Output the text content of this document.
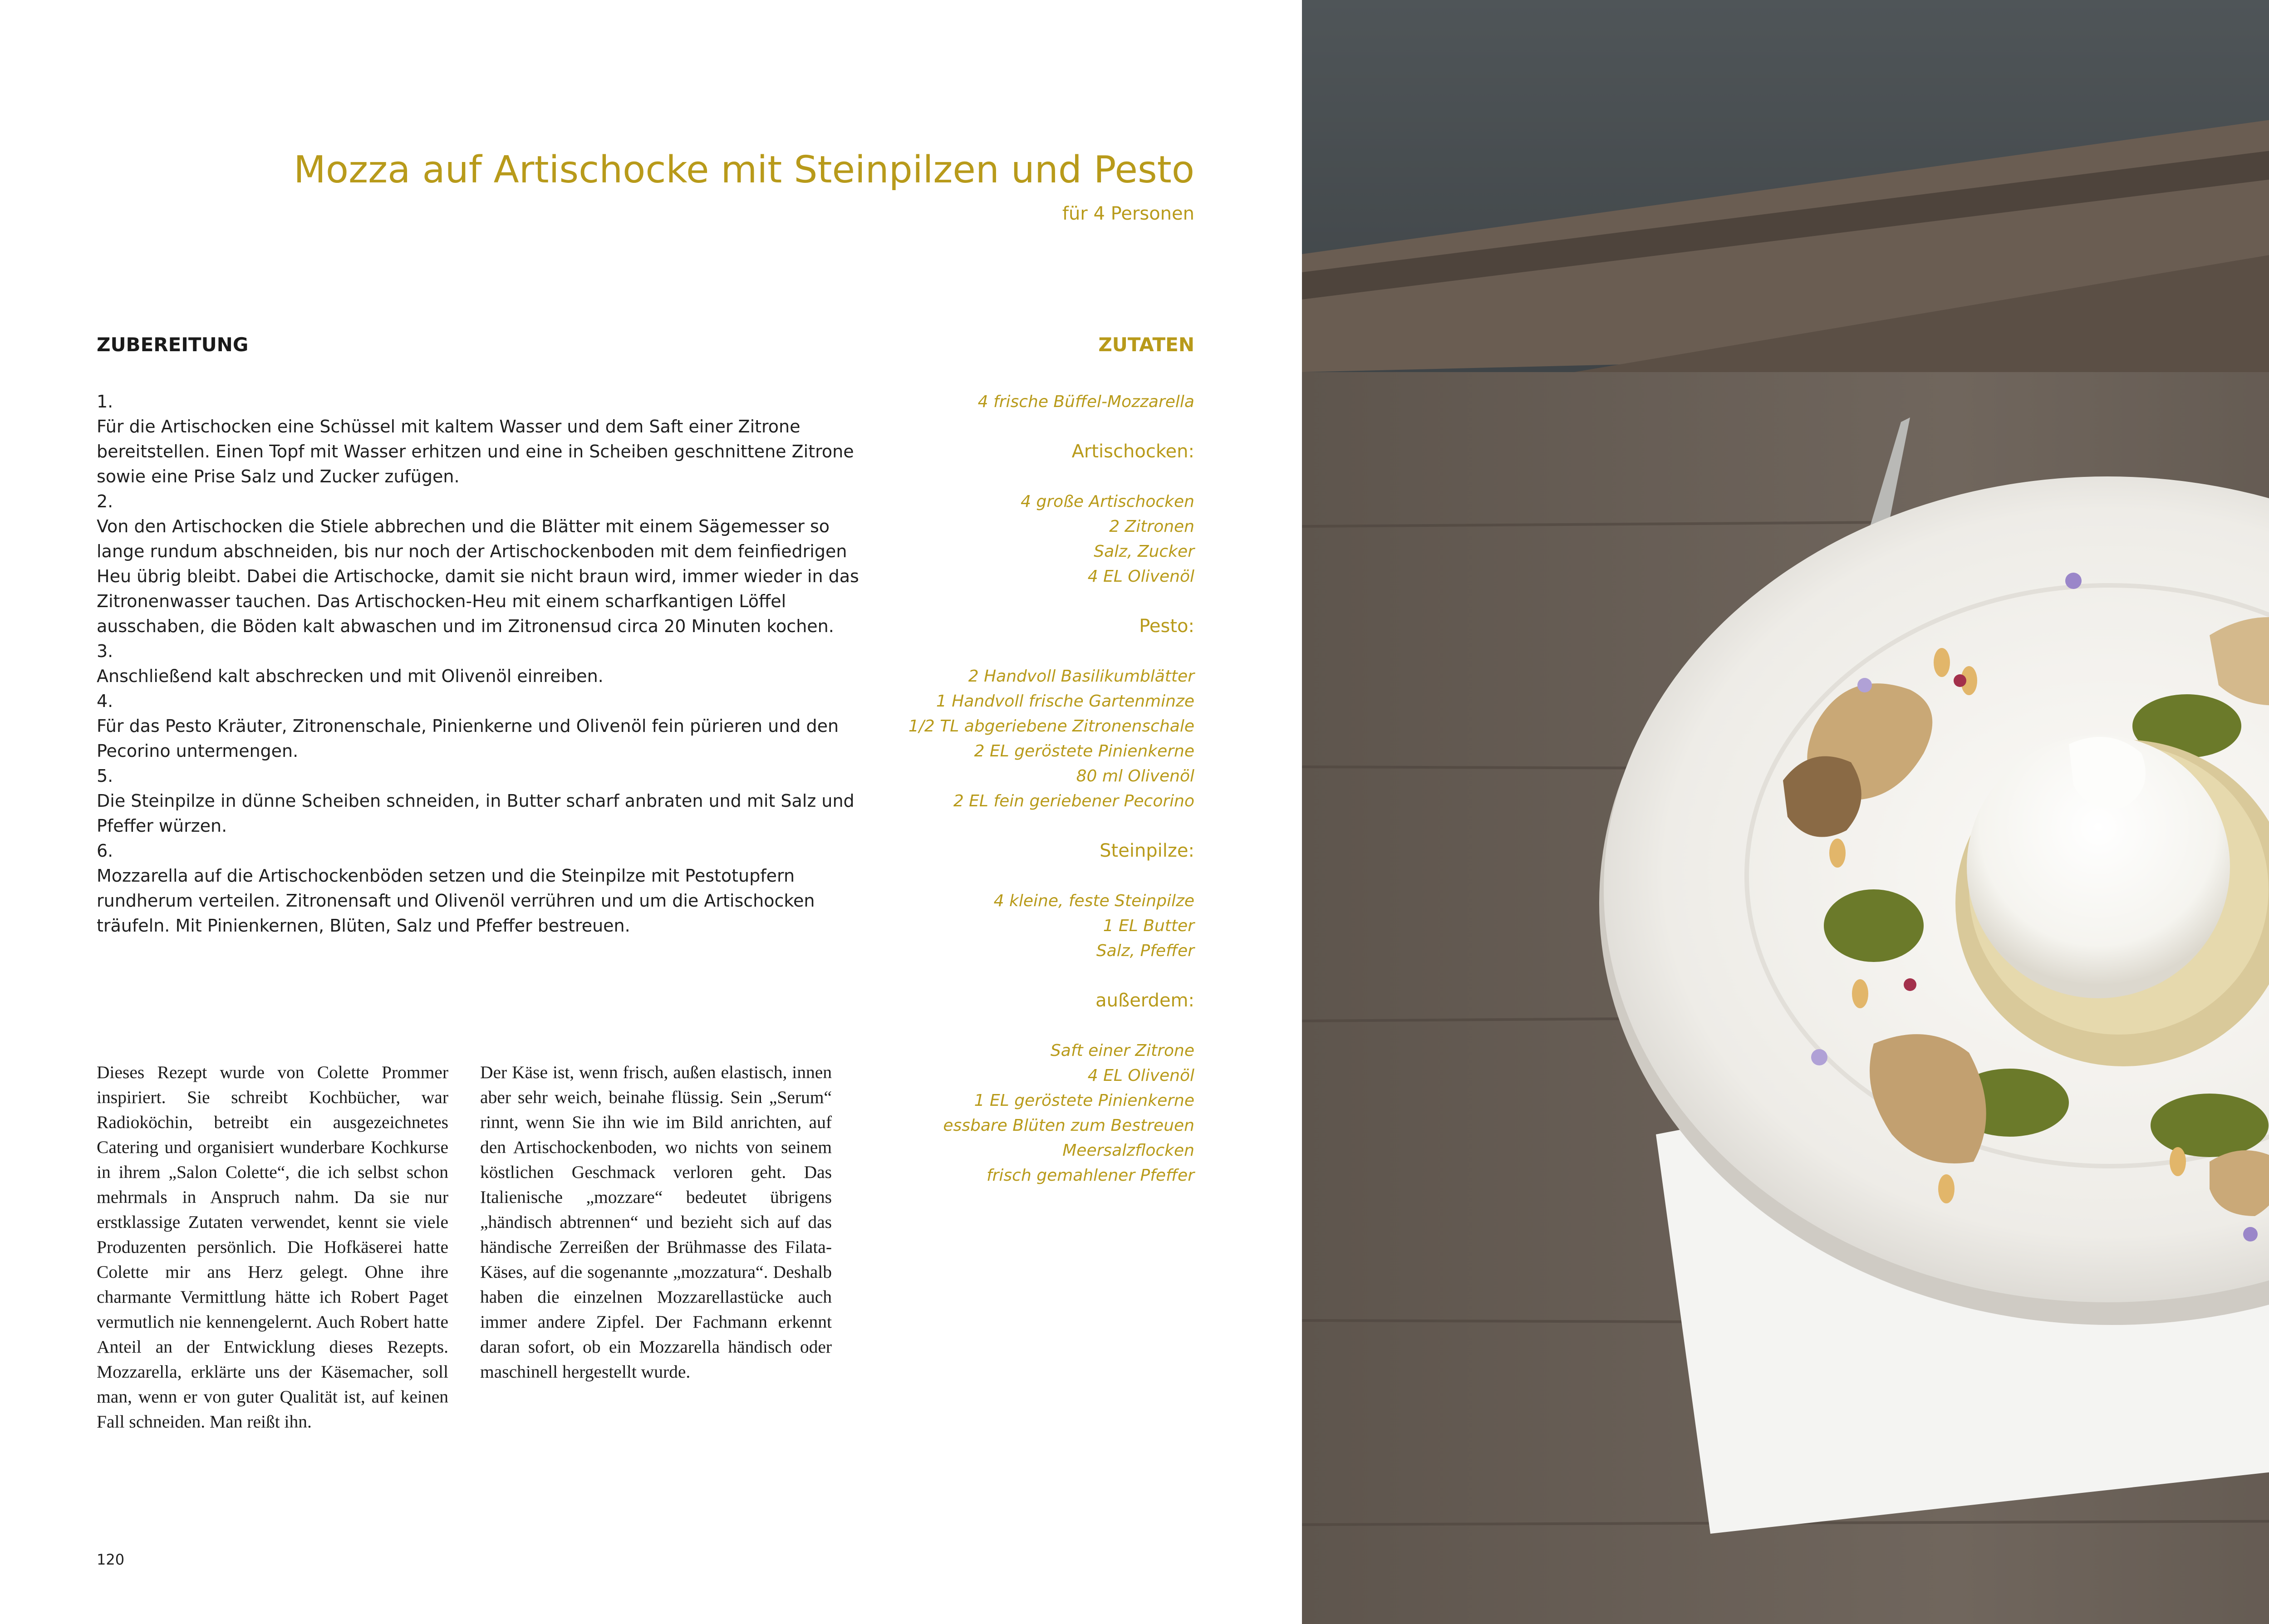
Mozza auf Artischocke mit Steinpilzen und Pesto
für 4 Personen
ZUBEREITUNG	ZUTATEN
1.
Für die Artischocken eine Schüssel mit kaltem Wasser und dem Saft einer Zitrone bereitstellen. Einen Topf mit Wasser erhitzen und eine in Scheiben geschnittene Zitrone sowie eine Prise Salz und Zucker zufügen.
2.
Von den Artischocken die Stiele abbrechen und die Blätter mit einem Sägemesser so lange rundum abschneiden, bis nur noch der Artischockenboden mit dem feinfiedrigen Heu übrig bleibt. Dabei die Artischocke, damit sie nicht braun wird, immer wieder in das Zitronenwasser tauchen. Das Artischocken-Heu mit einem scharfkantigen Löffel ausschaben, die Böden kalt abwaschen und im Zitronensud circa 20 Minuten kochen.
3.
Anschließend kalt abschrecken und mit Olivenöl einreiben.
4.
Für das Pesto Kräuter, Zitronenschale, Pinienkerne und Olivenöl fein pürieren und den Pecorino untermengen.
5.
Die Steinpilze in dünne Scheiben schneiden, in Butter scharf anbraten und mit Salz und Pfeffer würzen.
6.
Mozzarella auf die Artischockenböden setzen und die Steinpilze mit Pestotupfern rundherum verteilen. Zitronensaft und Olivenöl verrühren und um die Artischocken träufeln. Mit Pinienkernen, Blüten, Salz und Pfeffer bestreuen.
4 frische Büffel-Mozzarella
Artischocken:
4 große Artischocken
2 Zitronen
Salz, Zucker
4 EL Olivenöl
Pesto:
2 Handvoll Basilikumblätter
1 Handvoll frische Gartenminze
1/2 TL abgeriebene Zitronenschale
2 EL geröstete Pinienkerne
80 ml Olivenöl
2 EL fein geriebener Pecorino
Steinpilze:
4 kleine, feste Steinpilze
1 EL Butter
Salz, Pfeffer
außerdem:
Saft einer Zitrone
4 EL Olivenöl
1 EL geröstete Pinienkerne
essbare Blüten zum Bestreuen
Meersalzflocken
frisch gemahlener Pfeffer

Dieses Rezept wurde von Colette Prommer inspiriert. Sie schreibt Kochbücher, war Radioköchin, betreibt ein ausgezeichnetes Catering und organisiert wunderbare Kochkurse in ihrem „Salon Colette“, die ich selbst schon mehrmals in Anspruch nahm. Da sie nur erstklassige Zutaten verwendet, kennt sie viele Produzenten persönlich. Die Hofkäserei hatte Colette mir ans Herz gelegt. Ohne ihre charmante Vermittlung hätte ich Robert Paget vermutlich nie kennengelernt. Auch Robert hatte Anteil an der Entwicklung dieses Rezepts. Mozzarella, erklärte uns der Käsemacher, soll man, wenn er von guter Qualität ist, auf keinen Fall schneiden. Man reißt ihn.

Der Käse ist, wenn frisch, außen elastisch, innen aber sehr weich, beinahe flüssig. Sein „Serum“ rinnt, wenn Sie ihn wie im Bild anrichten, auf den Artischockenboden, wo nichts von seinem köstlichen Geschmack verloren geht. Das Italienische „mozzare“ bedeutet übrigens „händisch abtrennen“ und bezieht sich auf das händische Zerreißen der Brühmasse des Filata-Käses, auf die sogenannte „mozzatura“. Deshalb haben die einzelnen Mozzarellastücke auch immer andere Zipfel. Der Fachmann erkennt daran sofort, ob ein Mozzarella händisch oder maschinell hergestellt wurde.

120
